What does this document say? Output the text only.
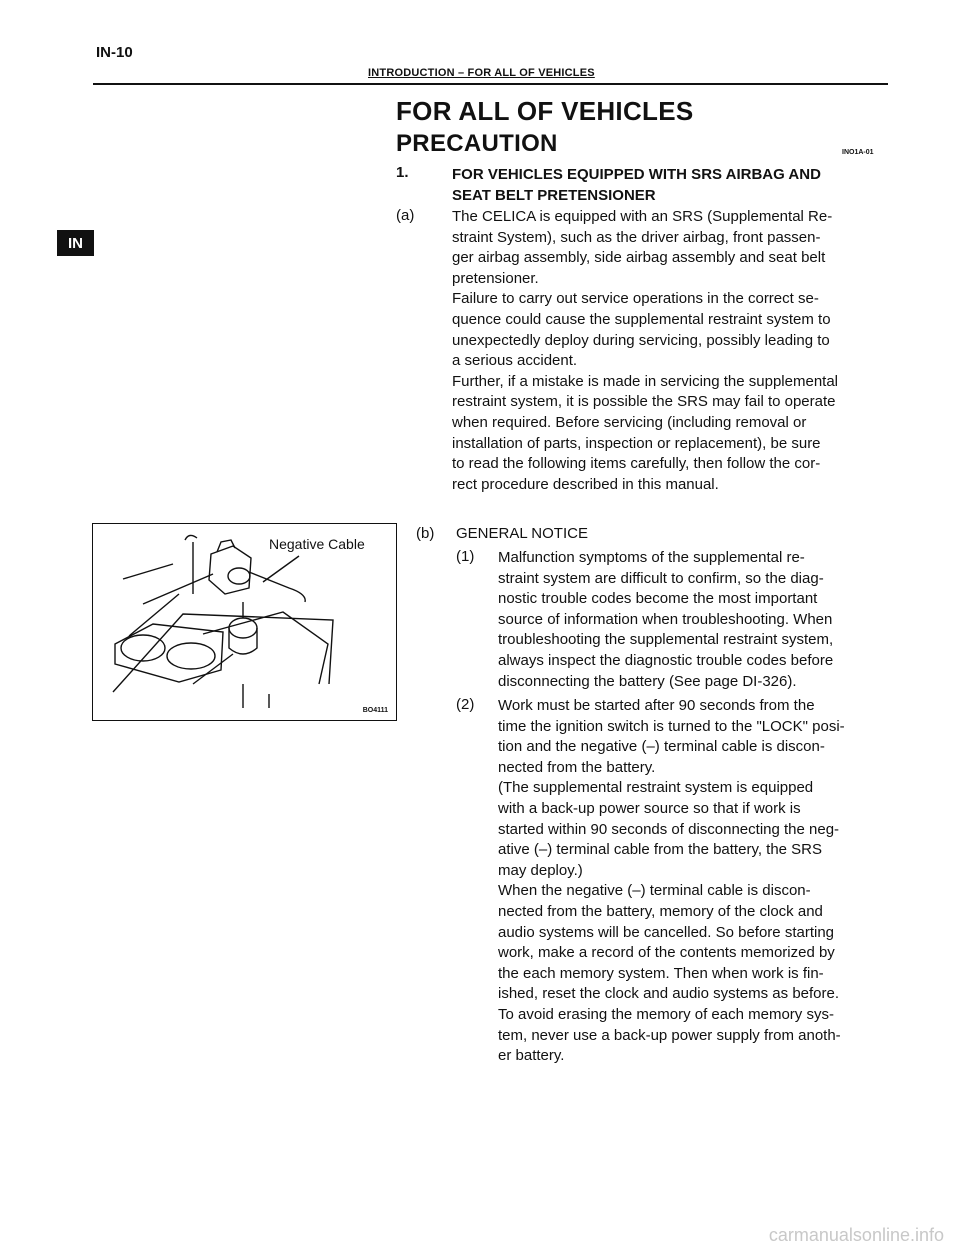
IN-10
INTRODUCTION – FOR ALL OF VEHICLES
IN
FOR ALL OF VEHICLES
PRECAUTION	INO1A-01
1.	FOR VEHICLES EQUIPPED WITH SRS AIRBAG AND
SEAT BELT PRETENSIONER
(a)	The CELICA is equipped with an SRS (Supplemental Re-

straint System), such as the driver airbag, front passen-

ger airbag assembly, side airbag assembly and seat belt

pretensioner.

Failure to carry out service operations in the correct se-

quence could cause the supplemental restraint system to

unexpectedly deploy during servicing, possibly leading to

a serious accident.

Further, if a mistake is made in servicing the supplemental

restraint system, it is possible the SRS may fail to operate

when required. Before servicing (including removal or

installation of parts, inspection or replacement), be sure

to read the following items carefully, then follow the cor-

rect procedure described in this manual.

(b) GENERAL NOTICE
(1) Malfunction symptoms of the supplemental re-

straint system are difficult to confirm, so the diag-

nostic trouble codes become the most important

source of information when troubleshooting. When

troubleshooting the supplemental restraint system,

always inspect the diagnostic trouble codes before

disconnecting the battery (See page DI-326).

(2) Work must be started after 90 seconds from the

time the ignition switch is turned to the "LOCK" posi-

tion and the negative (–) terminal cable is discon-

nected from the battery.

(The supplemental restraint system is equipped

with a back-up power source so that if work is

started within 90 seconds of disconnecting the neg-

ative (–) terminal cable from the battery, the SRS

may deploy.)

When the negative (–) terminal cable is discon-

nected from the battery, memory of the clock and

audio systems will be cancelled. So before starting

work, make a record of the contents memorized by

the each memory system. Then when work is fin-

ished, reset the clock and audio systems as before.

To avoid erasing the memory of each memory sys-

tem, never use a back-up power supply from anoth-

er battery.

Negative Cable
BO4111
carmanualsonline.info
